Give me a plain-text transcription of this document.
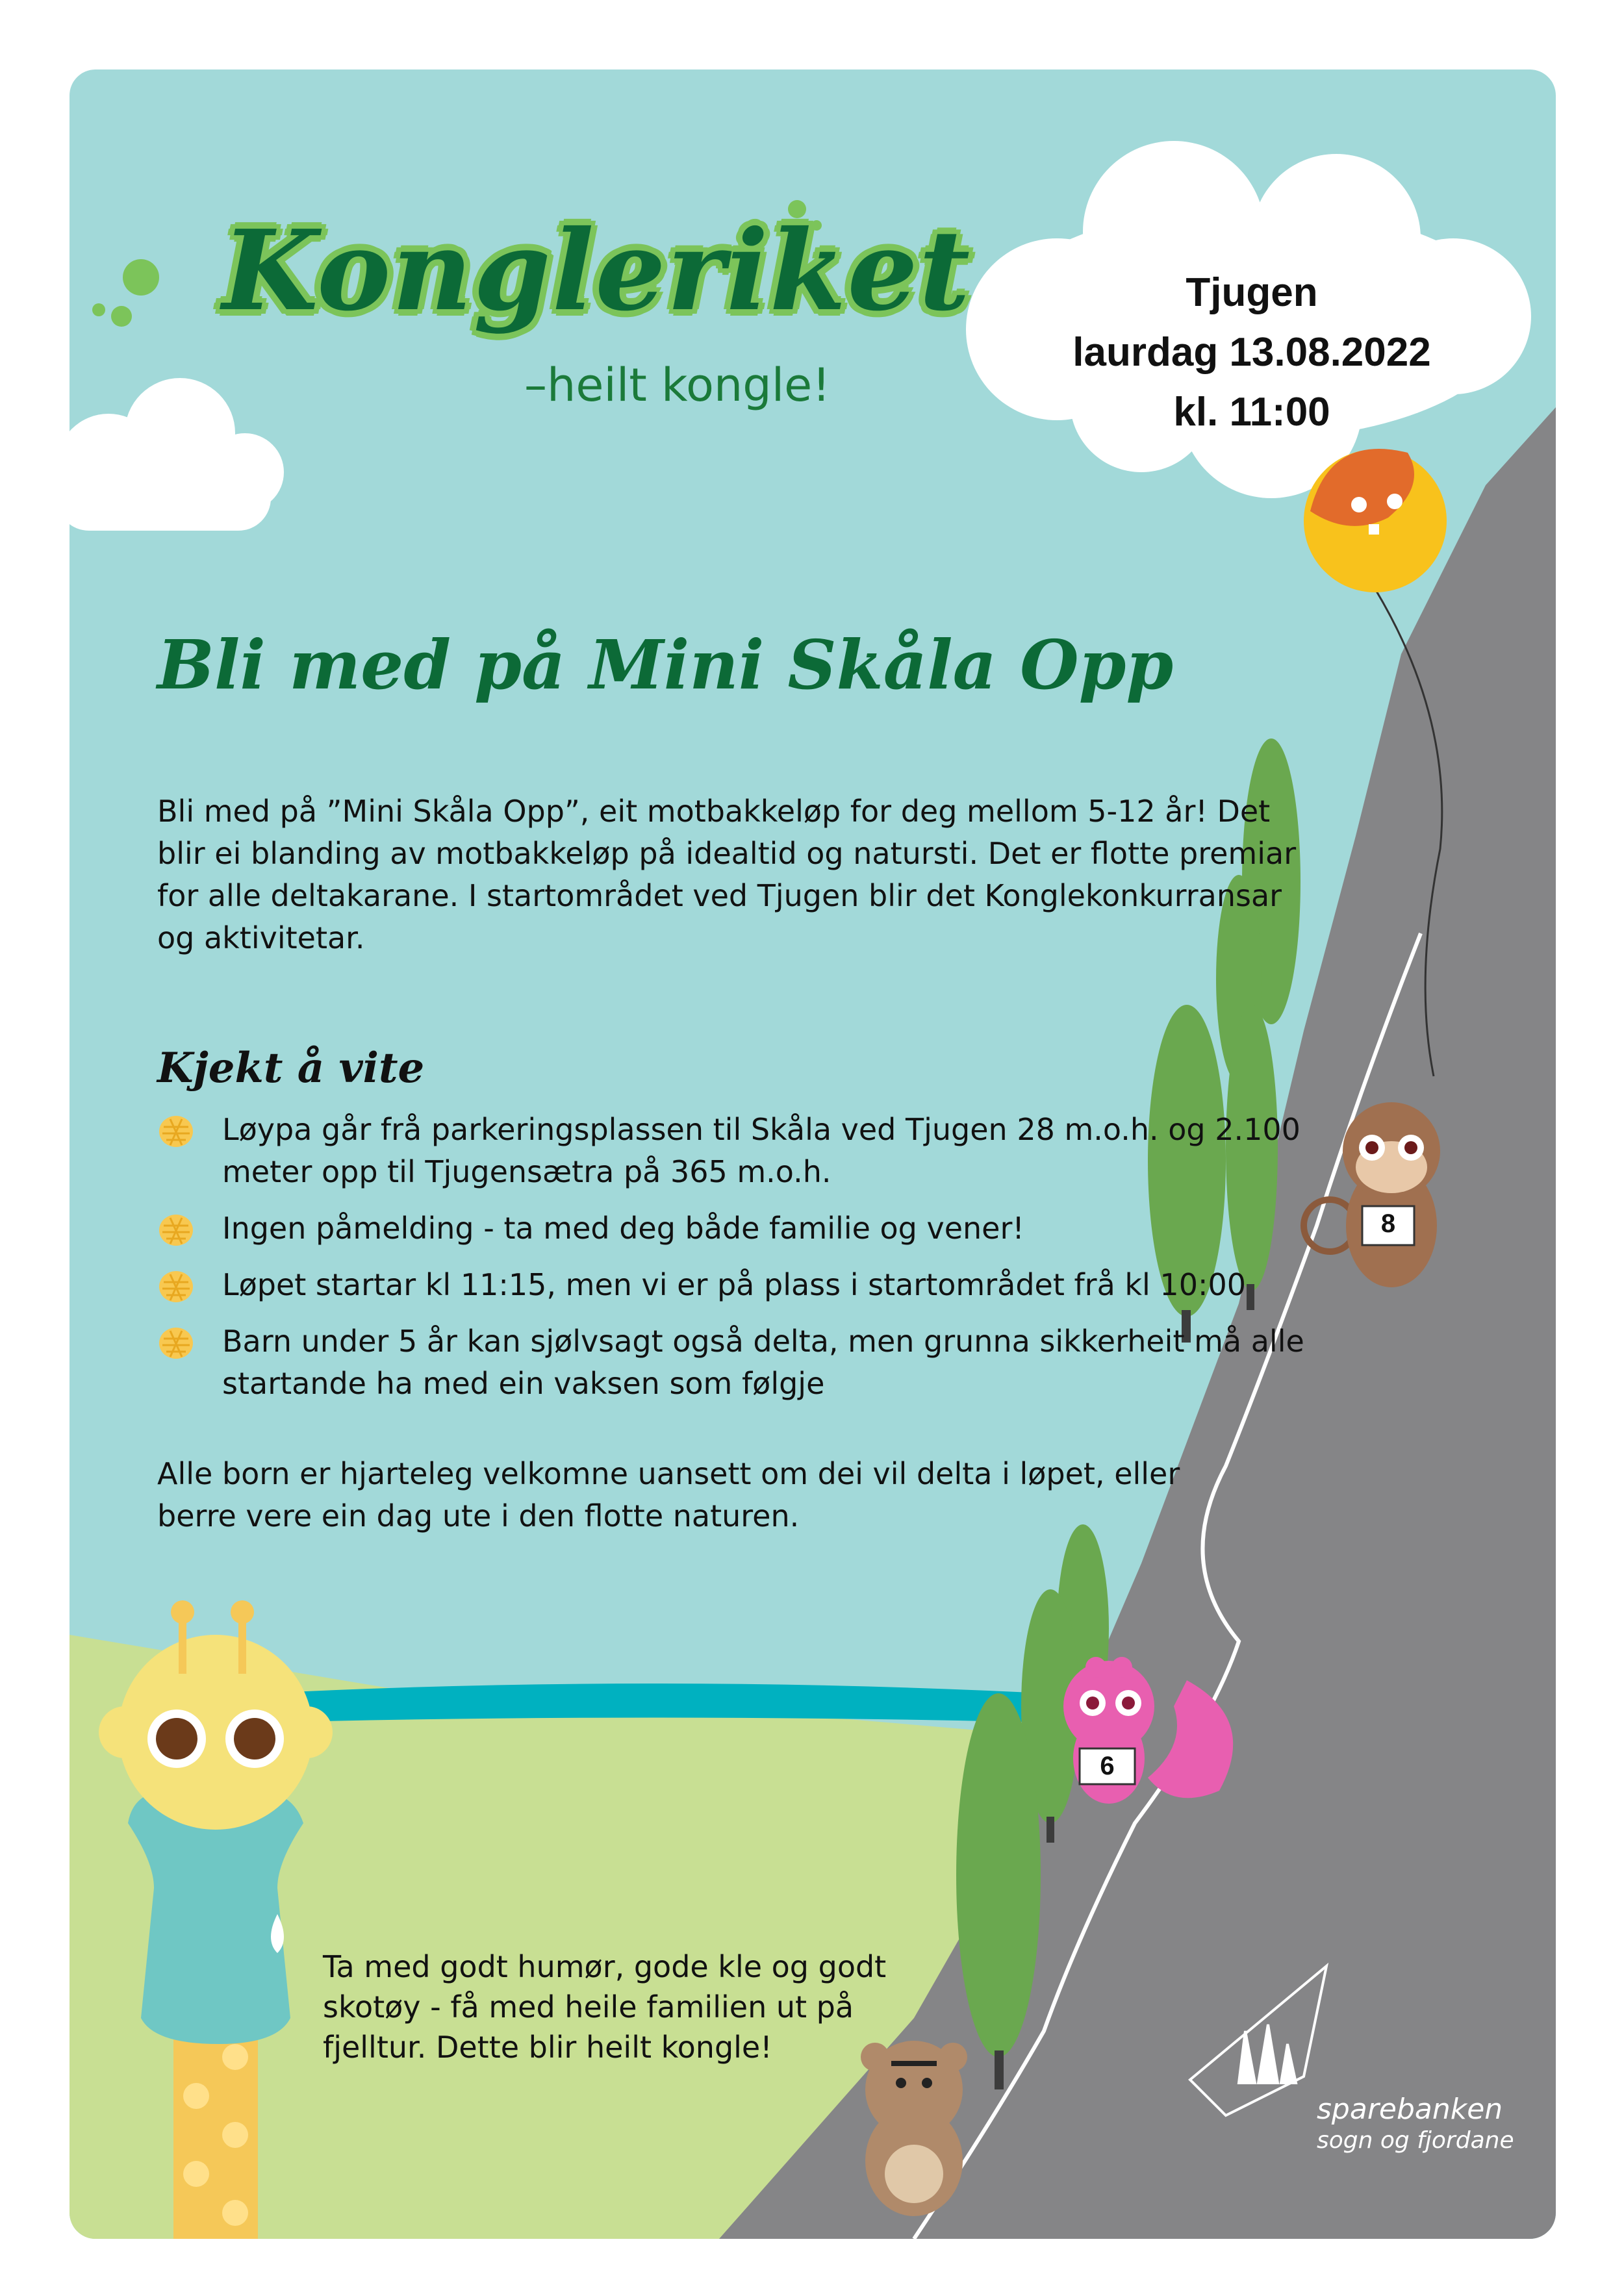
Kongleriket
–heilt kongle!
Tjugen
laurdag 13.08.2022
kl. 11:00
Bli med på Mini Skåla Opp
Bli med på ”Mini Skåla Opp”, eit motbakkeløp for deg mellom 5-12 år! Det blir ei blanding av motbakkeløp på idealtid og natursti. Det er flotte premiar for alle deltakarane. I startområdet ved Tjugen blir det Konglekonkurransar og aktivitetar.
Kjekt å vite
Løypa går frå parkeringsplassen til Skåla ved Tjugen 28 m.o.h. og 2.100 meter opp til Tjugensætra på 365 m.o.h.
Ingen påmelding - ta med deg både familie og vener!
Løpet startar kl 11:15, men vi er på plass i startområdet frå kl 10:00
Barn under 5 år kan sjølvsagt også delta, men grunna sikkerheit må alle startande ha med ein vaksen som følgje
Alle born er hjarteleg velkomne uansett om dei vil delta i løpet, eller berre vere ein dag ute i den flotte naturen.
Ta med godt humør, gode kle og godt skotøy - få med heile familien ut på fjelltur. Dette blir heilt kongle!
8
6
sparebanken
sogn og fjordane
